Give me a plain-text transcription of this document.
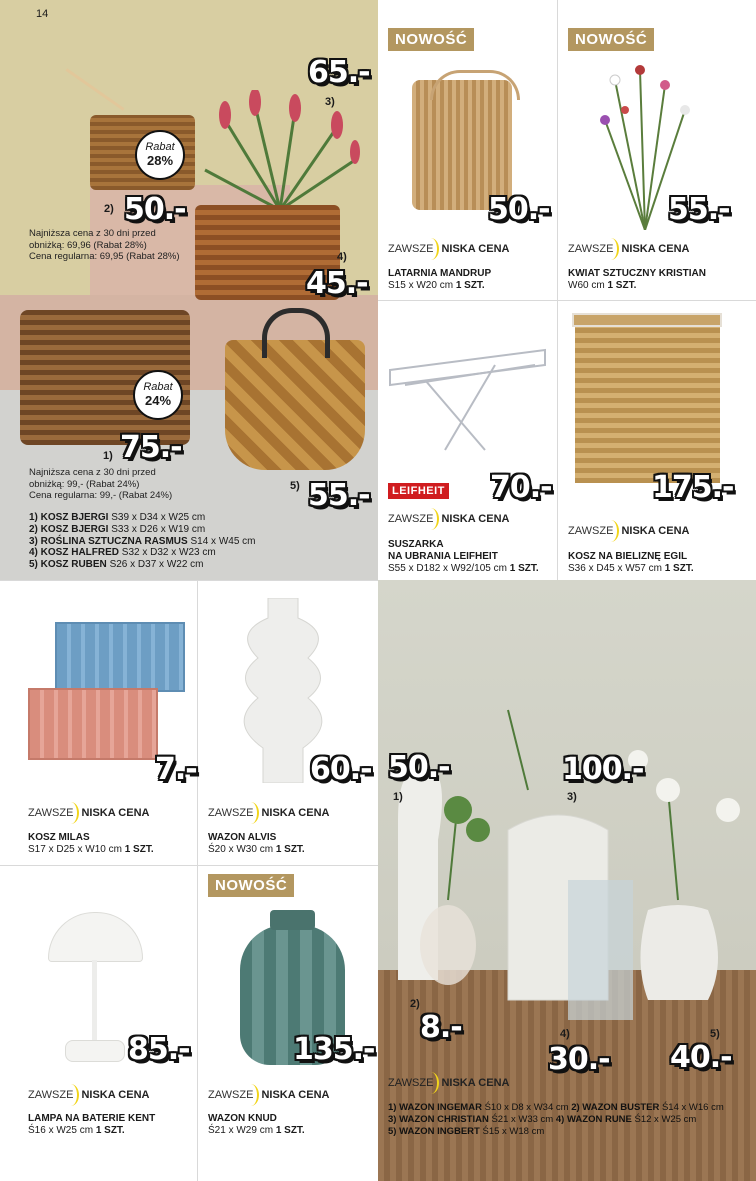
Rabat
28%
Rabat
24%
14
3)
65.-
2) 50.-
4)
45.-
1) 75.-
5) 55.-
Najniższa cena z 30 dni przed
obniżką: 69,96 (Rabat 28%)
Cena regularna: 69,95 (Rabat 28%)
Najniższa cena z 30 dni przed
obniżką: 99,- (Rabat 24%)
Cena regularna: 99,- (Rabat 24%)
1) KOSZ BJERGI S39 x D34 x W25 cm
2) KOSZ BJERGI S33 x D26 x W19 cm
3) ROŚLINA SZTUCZNA RASMUS S14 x W45 cm
4) KOSZ HALFRED S32 x D32 x W23 cm
5) KOSZ RUBEN S26 x D37 x W22 cm
NOWOŚĆ
50.-
ZAWSZE NISKA CENA
LATARNIA MANDRUP
S15 x W20 cm 1 SZT.
NOWOŚĆ
55.-
ZAWSZE NISKA CENA
KWIAT SZTUCZNY KRISTIAN
W60 cm 1 SZT.
LEIFHEIT 70.-
ZAWSZE NISKA CENA
SUSZARKA
NA UBRANIA LEIFHEIT
S55 x D182 x W92/105 cm 1 SZT.
175.-
ZAWSZE NISKA CENA
KOSZ NA BIELIZNĘ EGIL
S36 x D45 x W57 cm 1 SZT.
7.-
ZAWSZE NISKA CENA
KOSZ MILAS
S17 x D25 x W10 cm 1 SZT.
60.-
ZAWSZE NISKA CENA
WAZON ALVIS
Ś20 x W30 cm 1 SZT.
85.-
ZAWSZE NISKA CENA
LAMPA NA BATERIE KENT
Ś16 x W25 cm 1 SZT.
NOWOŚĆ
135.-
ZAWSZE NISKA CENA
WAZON KNUD
Ś21 x W29 cm 1 SZT.
50.-
1)
100.-
3)
2)
8.-	4)
30.-
5)
40.-
ZAWSZE NISKA CENA
1) WAZON INGEMAR Ś10 x D8 x W34 cm 2) WAZON BUSTER Ś14 x W16 cm
3) WAZON CHRISTIAN Ś21 x W33 cm 4) WAZON RUNE Ś12 x W25 cm
5) WAZON INGBERT Ś15 x W18 cm
